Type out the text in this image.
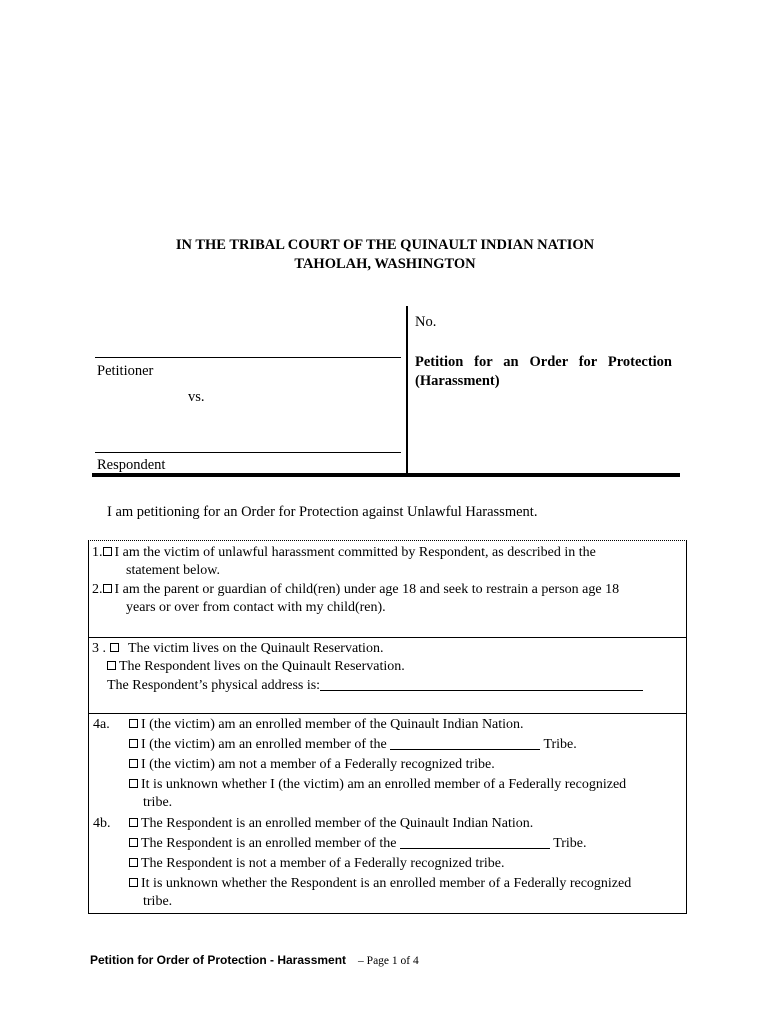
IN THE TRIBAL COURT OF THE QUINAULT INDIAN NATION
TAHOLAH, WASHINGTON
No.
Petitioner
vs.
Respondent
Petition for an Order for Protection
(Harassment)
I am petitioning for an Order for Protection against Unlawful Harassment.
1. I am the victim of unlawful harassment committed by Respondent, as described in the
statement below.
2. I am the parent or guardian of child(ren) under age 18 and seek to restrain a person age 18
years or over from contact with my child(ren).
3 . The victim lives on the Quinault Reservation.
The Respondent lives on the Quinault Reservation.
The Respondent’s physical address is:
4a.	I (the victim) am an enrolled member of the Quinault Indian Nation.
I (the victim) am an enrolled member of the	Tribe.
I (the victim) am not a member of a Federally recognized tribe.
It is unknown whether I (the victim) am an enrolled member of a Federally recognized
tribe.
4b.	The Respondent is an enrolled member of the Quinault Indian Nation.
The Respondent is an enrolled member of the	Tribe.
The Respondent is not a member of a Federally recognized tribe.
It is unknown whether the Respondent is an enrolled member of a Federally recognized
tribe.
Petition for Order of Protection - Harassment – Page 1 of 4
